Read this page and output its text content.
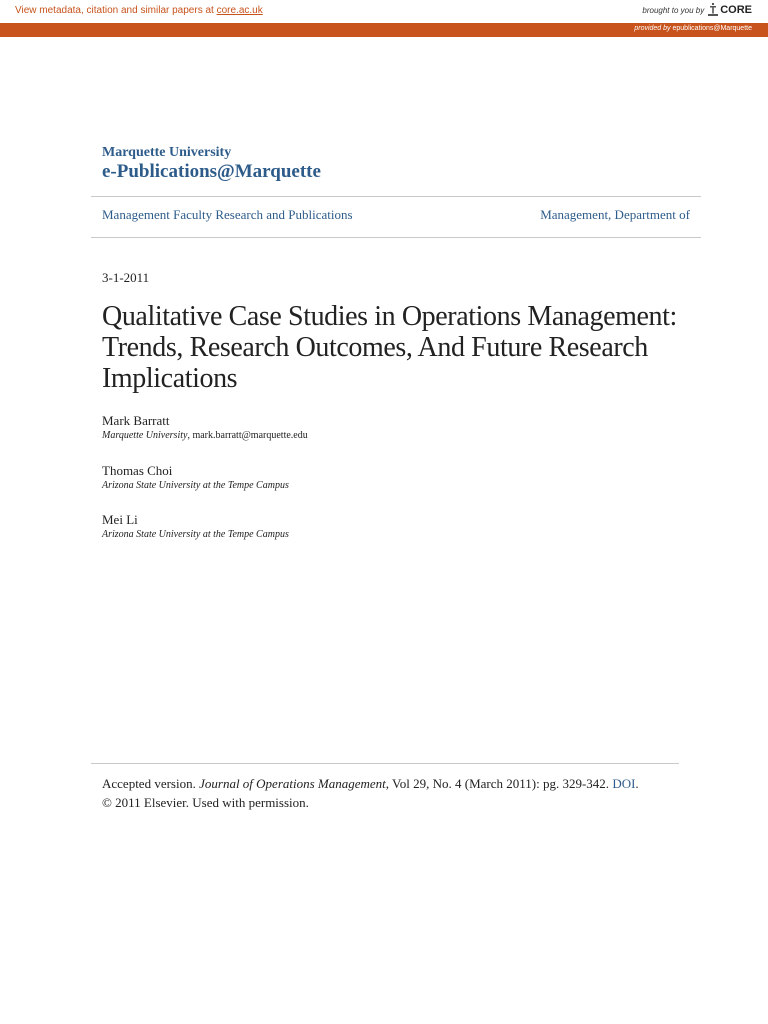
View metadata, citation and similar papers at core.ac.uk	brought to you by CORE
provided by epublications@Marquette
Marquette University
e-Publications@Marquette
Management Faculty Research and Publications	Management, Department of
3-1-2011
Qualitative Case Studies in Operations Management: Trends, Research Outcomes, And Future Research Implications
Mark Barratt
Marquette University, mark.barratt@marquette.edu
Thomas Choi
Arizona State University at the Tempe Campus
Mei Li
Arizona State University at the Tempe Campus
Accepted version. Journal of Operations Management, Vol 29, No. 4 (March 2011): pg. 329-342. DOI.
© 2011 Elsevier. Used with permission.
